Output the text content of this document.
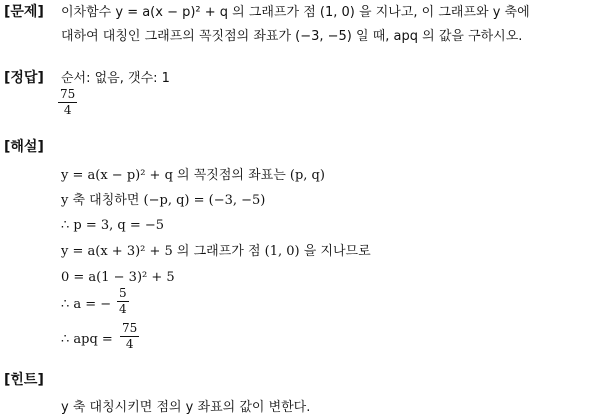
[문제] 이차함수 y = a(x − p)² + q 의 그래프가 점 (1, 0) 을 지나고, 이 그래프와 y 축에
대하여 대칭인 그래프의 꼭짓점의 좌표가 (−3, −5) 일 때, apq 의 값을 구하시오.
[정답] 순서: 없음, 갯수: 1
$\frac{75}{4}$
[해설]
y = a(x − p)² + q 의 꼭짓점의 좌표는 (p, q)
y 축 대칭하면 (−p, q) = (−3, −5)
∴ p = 3, q = −5
y = a(x + 3)² + 5 의 그래프가 점 (1, 0) 을 지나므로
0 = a(1 − 3)² + 5
∴ a = − $\frac{5}{4}$
∴ apq = $\frac{75}{4}$
[힌트]
y 축 대칭시키면 점의 y 좌표의 값이 변한다.
